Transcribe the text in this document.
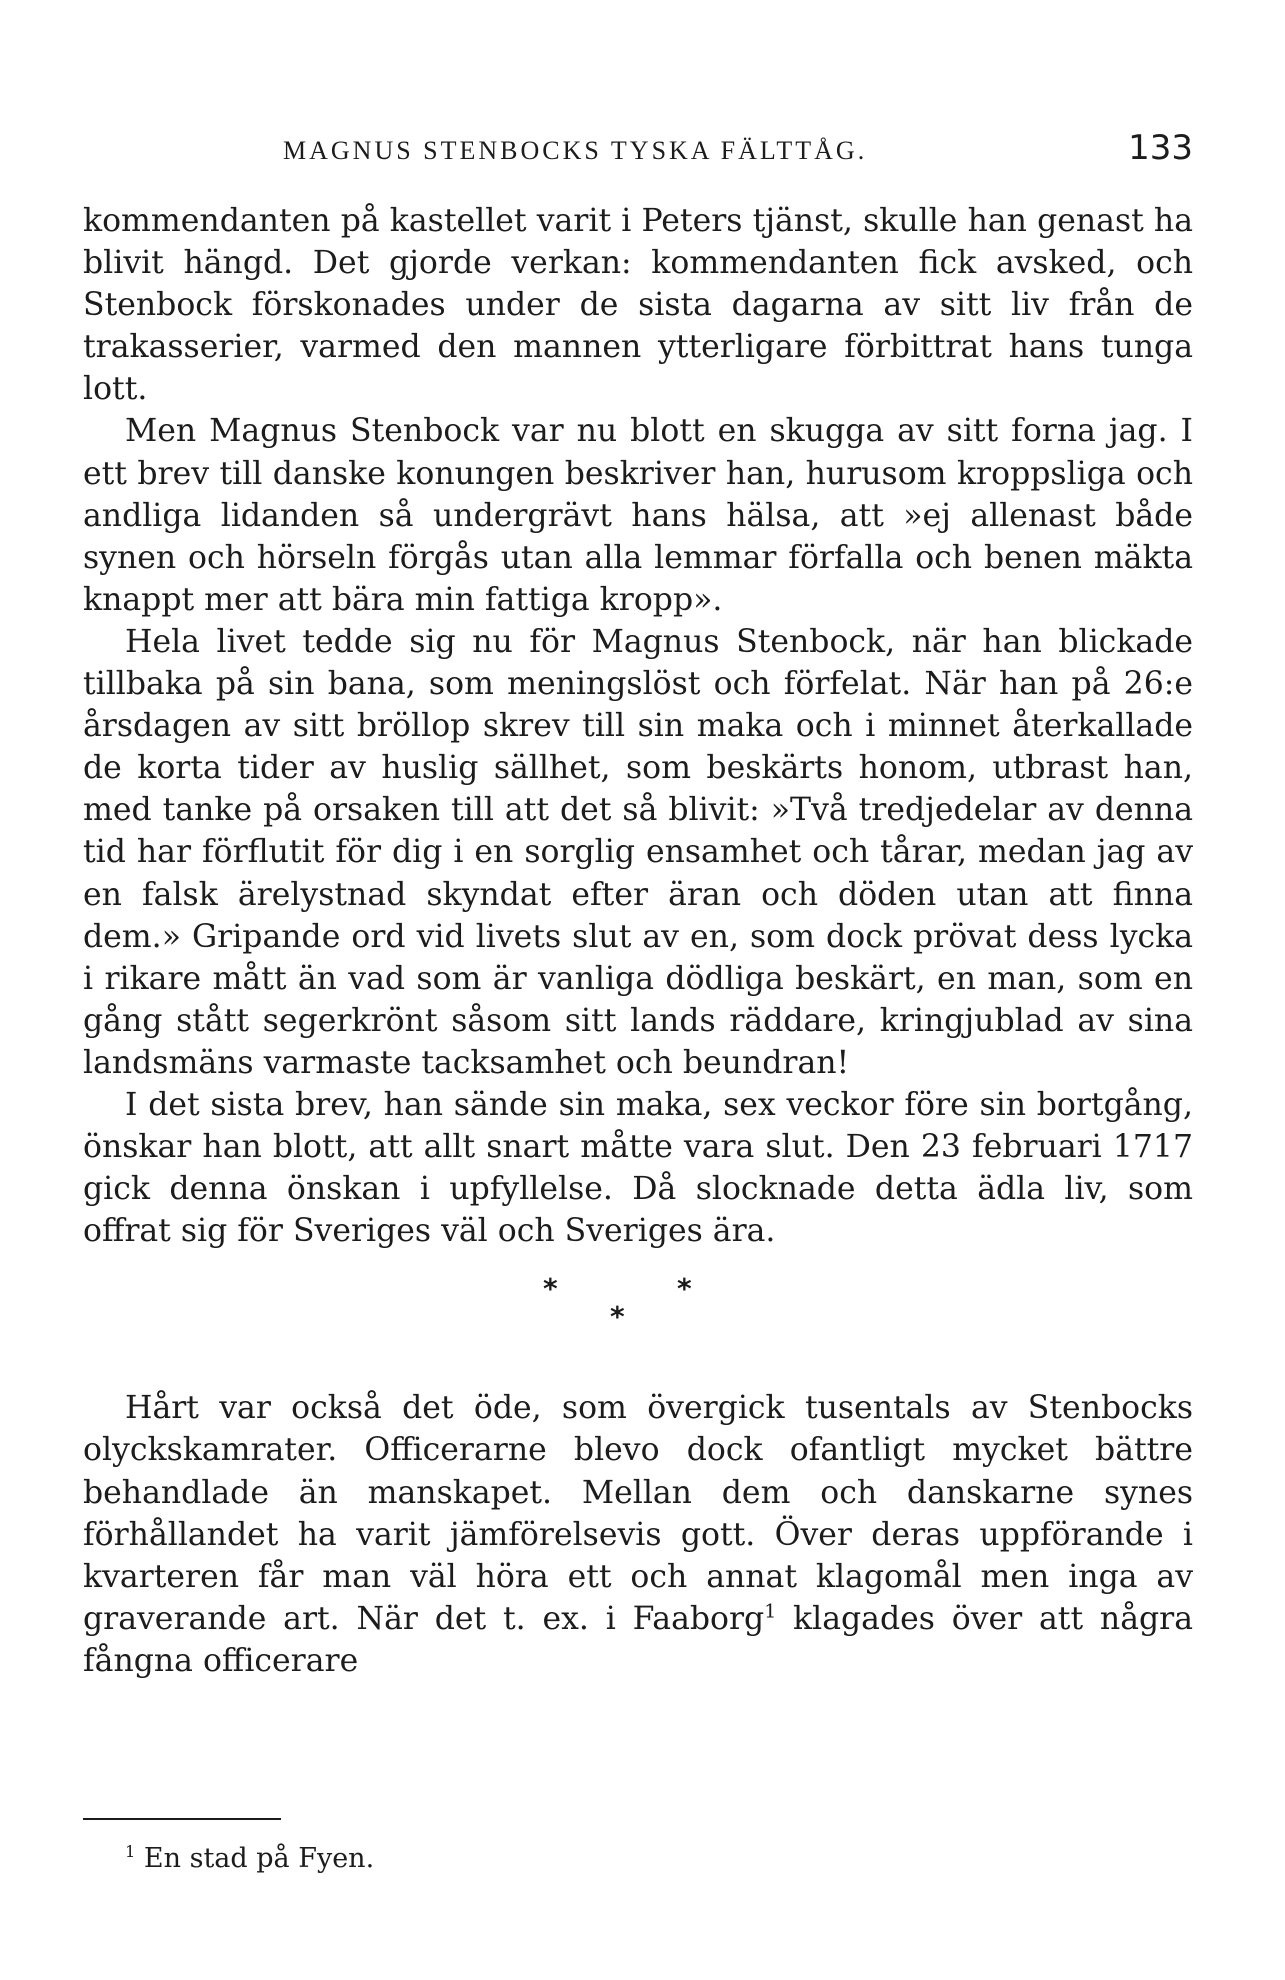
MAGNUS STENBOCKS TYSKA FÄLTTÅG.	133

kommendanten på kastellet varit i Peters tjänst, skulle han genast ha blivit hängd. Det gjorde verkan: kommendanten fick avsked, och Stenbock förskonades under de sista dagarna av sitt liv från de trakasserier, varmed den mannen ytterligare förbittrat hans tunga lott.

Men Magnus Stenbock var nu blott en skugga av sitt forna jag. I ett brev till danske konungen beskriver han, hurusom kroppsliga och andliga lidanden så undergrävt hans hälsa, att »ej allenast både synen och hörseln förgås utan alla lemmar förfalla och benen mäkta knappt mer att bära min fattiga kropp».

Hela livet tedde sig nu för Magnus Stenbock, när han blickade tillbaka på sin bana, som meningslöst och förfelat. När han på 26:e årsdagen av sitt bröllop skrev till sin maka och i minnet återkallade de korta tider av huslig sällhet, som beskärts honom, utbrast han, med tanke på orsaken till att det så blivit: »Två tredjedelar av denna tid har förflutit för dig i en sorglig ensamhet och tårar, medan jag av en falsk ärelystnad skyndat efter äran och döden utan att finna dem.» Gripande ord vid livets slut av en, som dock prövat dess lycka i rikare mått än vad som är vanliga dödliga beskärt, en man, som en gång stått segerkrönt såsom sitt lands räddare, kringjublad av sina landsmäns varmaste tacksamhet och beundran!

I det sista brev, han sände sin maka, sex veckor före sin bortgång, önskar han blott, att allt snart måtte vara slut. Den 23 februari 1717 gick denna önskan i upfyllelse. Då slocknade detta ädla liv, som offrat sig för Sveriges väl och Sveriges ära.

*
*
*

Hårt var också det öde, som övergick tusentals av Stenbocks olyckskamrater. Officerarne blevo dock ofantligt mycket bättre behandlade än manskapet. Mellan dem och danskarne synes förhållandet ha varit jämförelsevis gott. Över deras uppförande i kvarteren får man väl höra ett och annat klagomål men inga av graverande art. När det t. ex. i Faaborg$^1$ klagades över att några fångna officerare

$^1$ En stad på Fyen.
